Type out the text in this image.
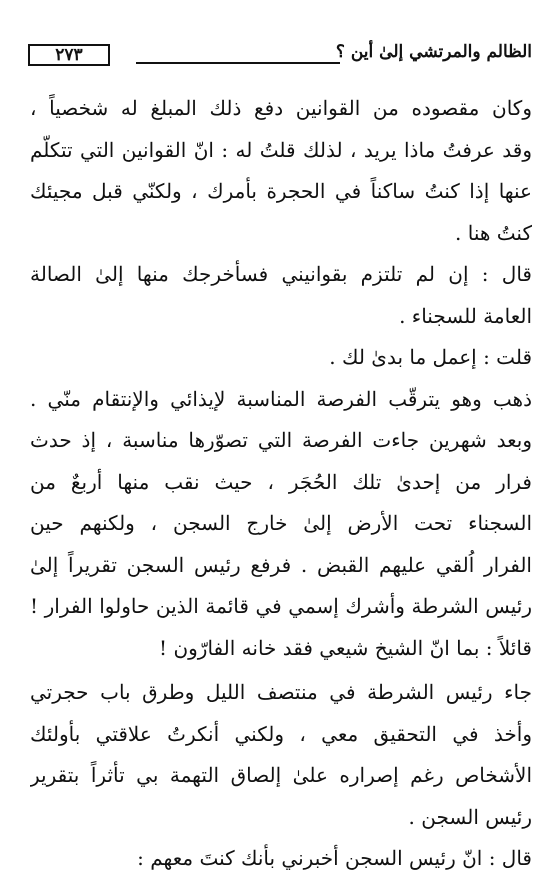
٢٧٣	الظالم والمرتشي إلىٰ أين ؟
وكان مقصوده من القوانين دفع ذلك المبلغ له شخصياً ،
وقد عرفتُ ماذا يريد ، لذلك قلتُ له : انّ القوانين التي تتكلّم
عنها إذا كنتُ ساكناً في الحجرة بأمرك ، ولكنّي قبل مجيئك
كنتُ هنا .
قال : إن لم تلتزم بقوانيني فسأخرجك منها إلىٰ الصالة
العامة للسجناء .
قلت : إعمل ما بدىٰ لك .
ذهب وهو يترقّب الفرصة المناسبة لإيذائي والإنتقام منّي .
وبعد شهرين جاءت الفرصة التي تصوّرها مناسبة ، إذ حدث
فرار من إحدىٰ تلك الحُجَر ، حيث نقب منها أربعٌ من
السجناء تحت الأرض إلىٰ خارج السجن ، ولكنهم حين
الفرار اُلقي عليهم القبض . فرفع رئيس السجن تقريراً إلىٰ
رئيس الشرطة وأشرك إسمي في قائمة الذين حاولوا الفرار !
قائلاً : بما انّ الشيخ شيعي فقد خانه الفارّون !
جاء رئيس الشرطة في منتصف الليل وطرق باب حجرتي
وأخذ في التحقيق معي ، ولكني أنكرتُ علاقتي بأولئك
الأشخاص رغم إصراره علىٰ إلصاق التهمة بي تأثراً بتقرير
رئيس السجن .
قال : انّ رئيس السجن أخبرني بأنك كنتَ معهم :
